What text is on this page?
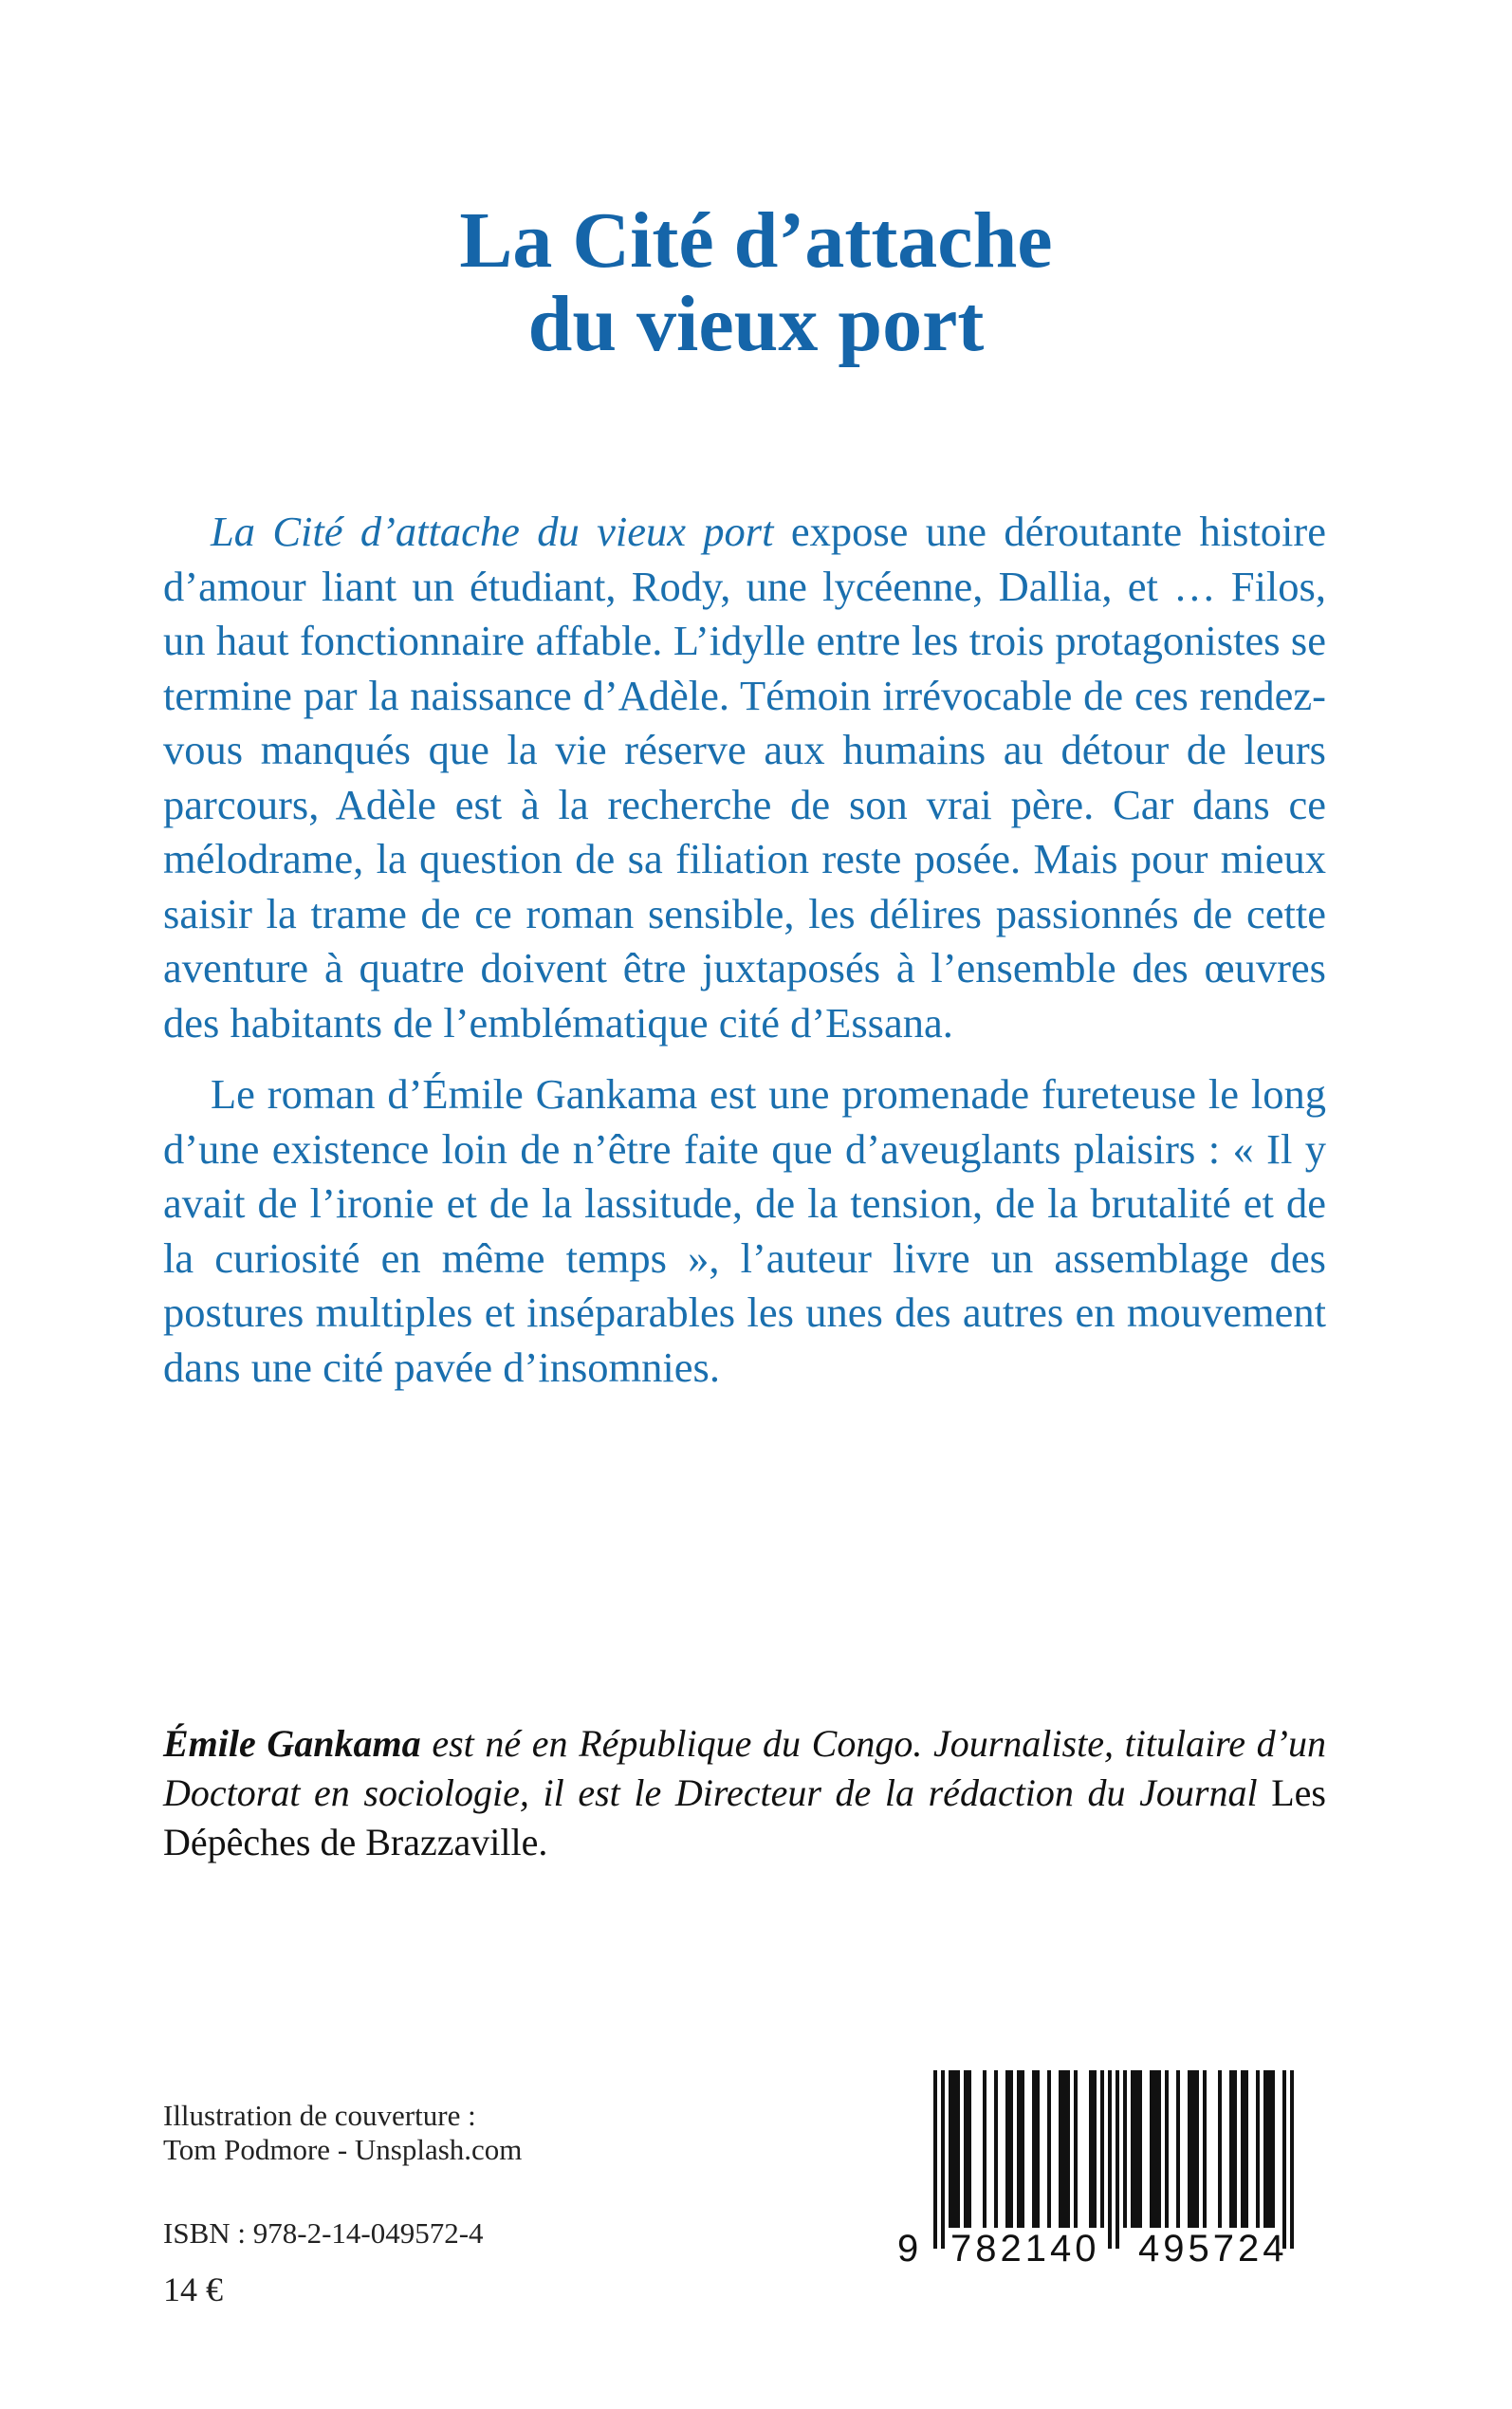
La Cité d’attache
du vieux port

La Cité d’attache du vieux port expose une déroutante histoire d’amour liant un étudiant, Rody, une lycéenne, Dallia, et … Filos, un haut fonctionnaire affable. L’idylle entre les trois protagonistes se termine par la naissance d’Adèle. Témoin irrévocable de ces rendez-vous manqués que la vie réserve aux humains au détour de leurs parcours, Adèle est à la recherche de son vrai père. Car dans ce mélodrame, la question de sa filiation reste posée. Mais pour mieux saisir la trame de ce roman sensible, les délires passionnés de cette aventure à quatre doivent être juxtaposés à l’ensemble des œuvres des habitants de l’emblématique cité d’Essana.

Le roman d’Émile Gankama est une promenade fureteuse le long d’une existence loin de n’être faite que d’aveuglants plaisirs : « Il y avait de l’ironie et de la lassitude, de la tension, de la brutalité et de la curiosité en même temps », l’auteur livre un assemblage des postures multiples et inséparables les unes des autres en mouvement dans une cité pavée d’insomnies.

Émile Gankama est né en République du Congo. Journaliste, titulaire d’un Doctorat en sociologie, il est le Directeur de la rédaction du Journal Les Dépêches de Brazzaville.

Illustration de couverture :
Tom Podmore - Unsplash.com
ISBN : 978-2-14-049572-4
14 €
9 782140 495724
